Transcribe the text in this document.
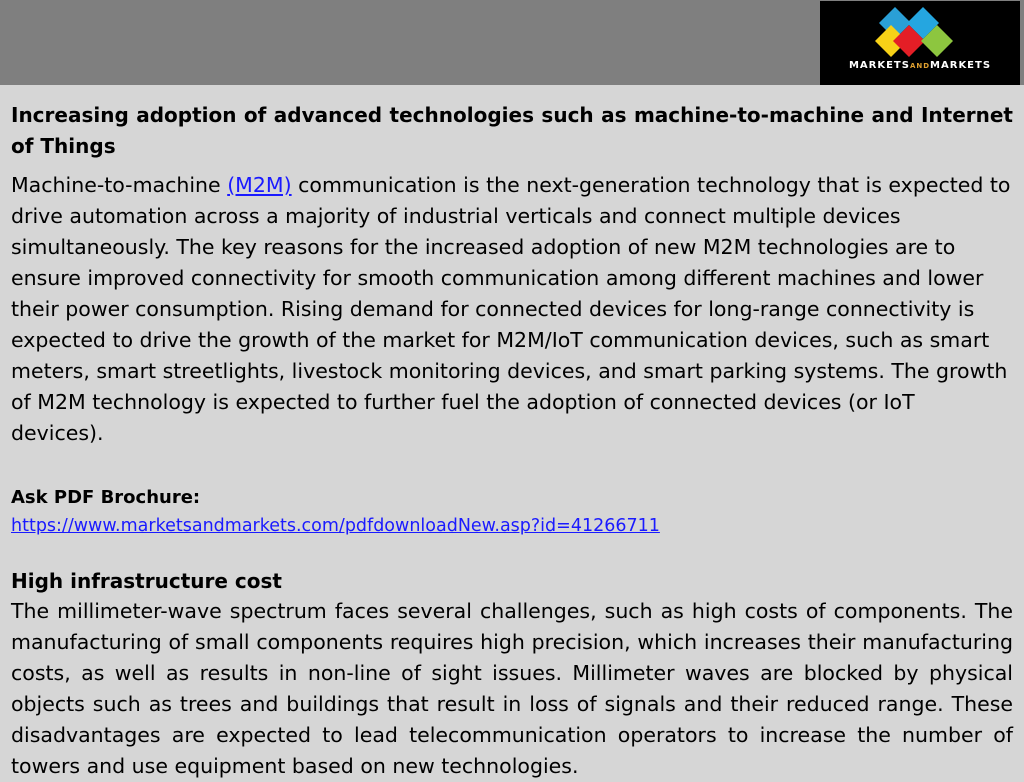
MARKETSANDMARKETS

Increasing adoption of advanced technologies such as machine-to-machine and Internet of Things

Machine-to-machine (M2M) communication is the next-generation technology that is expected to drive automation across a majority of industrial verticals and connect multiple devices simultaneously. The key reasons for the increased adoption of new M2M technologies are to ensure improved connectivity for smooth communication among different machines and lower their power consumption. Rising demand for connected devices for long-range connectivity is expected to drive the growth of the market for M2M/IoT communication devices, such as smart meters, smart streetlights, livestock monitoring devices, and smart parking systems. The growth of M2M technology is expected to further fuel the adoption of connected devices (or IoT devices).

Ask PDF Brochure:
https://www.marketsandmarkets.com/pdfdownloadNew.asp?id=41266711

High infrastructure cost

The millimeter-wave spectrum faces several challenges, such as high costs of components. The manufacturing of small components requires high precision, which increases their manufacturing costs, as well as results in non-line of sight issues. Millimeter waves are blocked by physical objects such as trees and buildings that result in loss of signals and their reduced range. These disadvantages are expected to lead telecommunication operators to increase the number of towers and use equipment based on new technologies.
